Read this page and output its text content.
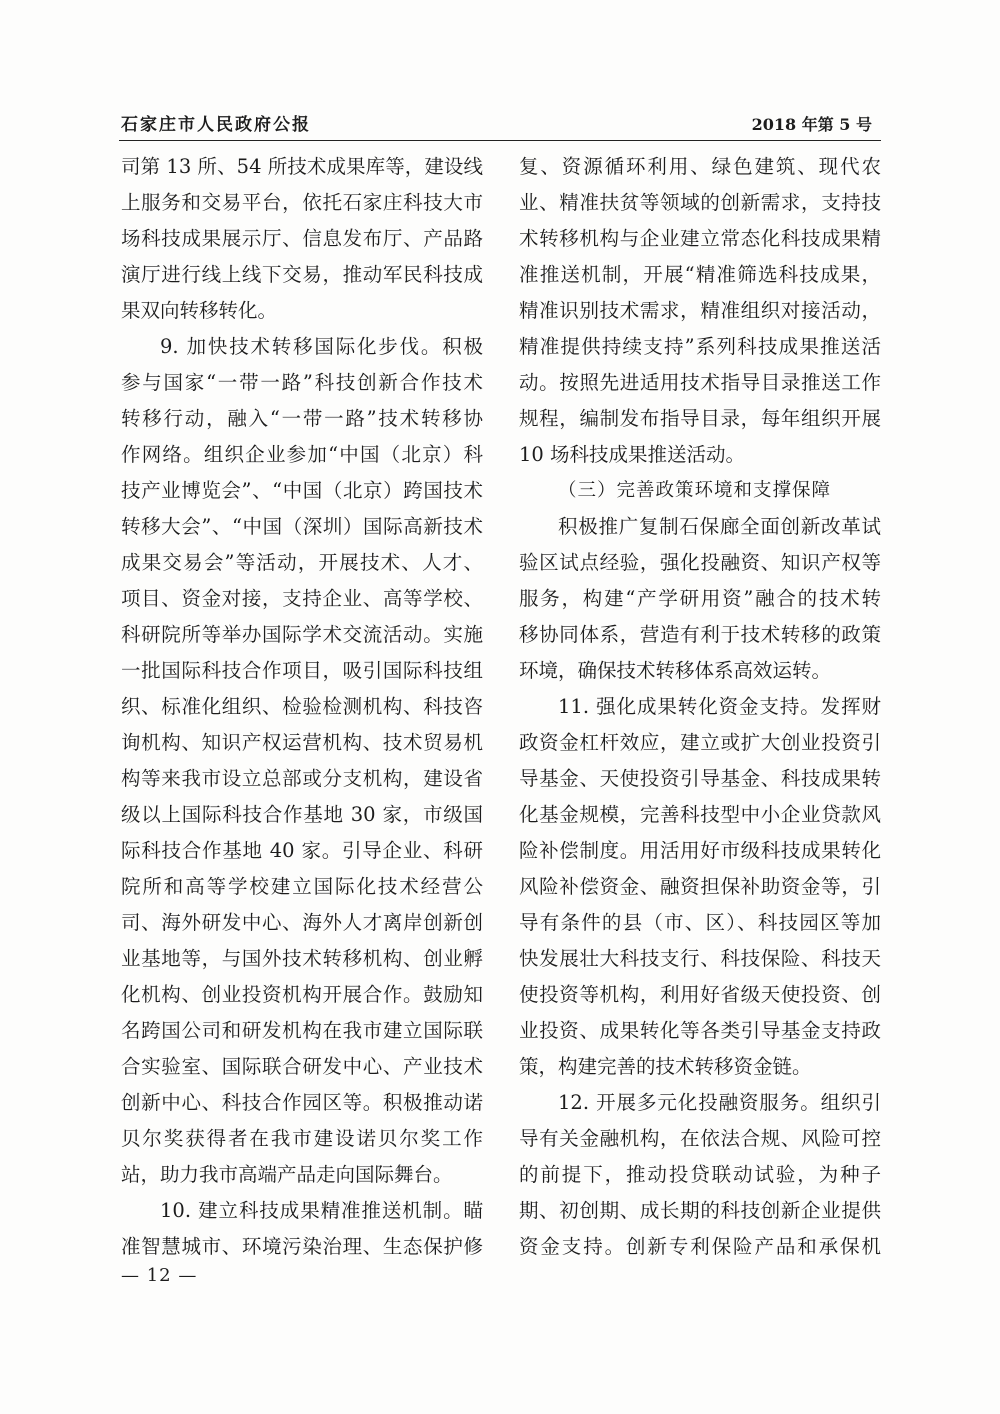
石家庄市人民政府公报	2018 年第 5 号
司第 13 所、54 所技术成果库等，建设线
上服务和交易平台，依托石家庄科技大市
场科技成果展示厅、信息发布厅、产品路
演厅进行线上线下交易，推动军民科技成
果双向转移转化。
9. 加快技术转移国际化步伐。积极
参与国家“一带一路”科技创新合作技术
转移行动，融入“一带一路”技术转移协
作网络。组织企业参加“中国（北京）科
技产业博览会”、“中国（北京）跨国技术
转移大会”、“中国（深圳）国际高新技术
成果交易会”等活动，开展技术、人才、
项目、资金对接，支持企业、高等学校、
科研院所等举办国际学术交流活动。实施
一批国际科技合作项目，吸引国际科技组
织、标准化组织、检验检测机构、科技咨
询机构、知识产权运营机构、技术贸易机
构等来我市设立总部或分支机构，建设省
级以上国际科技合作基地 30 家，市级国
际科技合作基地 40 家。引导企业、科研
院所和高等学校建立国际化技术经营公
司、海外研发中心、海外人才离岸创新创
业基地等，与国外技术转移机构、创业孵
化机构、创业投资机构开展合作。鼓励知
名跨国公司和研发机构在我市建立国际联
合实验室、国际联合研发中心、产业技术
创新中心、科技合作园区等。积极推动诺
贝尔奖获得者在我市建设诺贝尔奖工作
站，助力我市高端产品走向国际舞台。
10. 建立科技成果精准推送机制。瞄
准智慧城市、环境污染治理、生态保护修
复、资源循环利用、绿色建筑、现代农
业、精准扶贫等领域的创新需求，支持技
术转移机构与企业建立常态化科技成果精
准推送机制，开展“精准筛选科技成果，
精准识别技术需求，精准组织对接活动，
精准提供持续支持”系列科技成果推送活
动。按照先进适用技术指导目录推送工作
规程，编制发布指导目录，每年组织开展
10 场科技成果推送活动。
（三）完善政策环境和支撑保障
积极推广复制石保廊全面创新改革试
验区试点经验，强化投融资、知识产权等
服务，构建“产学研用资”融合的技术转
移协同体系，营造有利于技术转移的政策
环境，确保技术转移体系高效运转。
11. 强化成果转化资金支持。发挥财
政资金杠杆效应，建立或扩大创业投资引
导基金、天使投资引导基金、科技成果转
化基金规模，完善科技型中小企业贷款风
险补偿制度。用活用好市级科技成果转化
风险补偿资金、融资担保补助资金等，引
导有条件的县（市、区）、科技园区等加
快发展壮大科技支行、科技保险、科技天
使投资等机构，利用好省级天使投资、创
业投资、成果转化等各类引导基金支持政
策，构建完善的技术转移资金链。
12. 开展多元化投融资服务。组织引
导有关金融机构，在依法合规、风险可控
的前提下，推动投贷联动试验，为种子
期、初创期、成长期的科技创新企业提供
资金支持。创新专利保险产品和承保机
— 12 —
